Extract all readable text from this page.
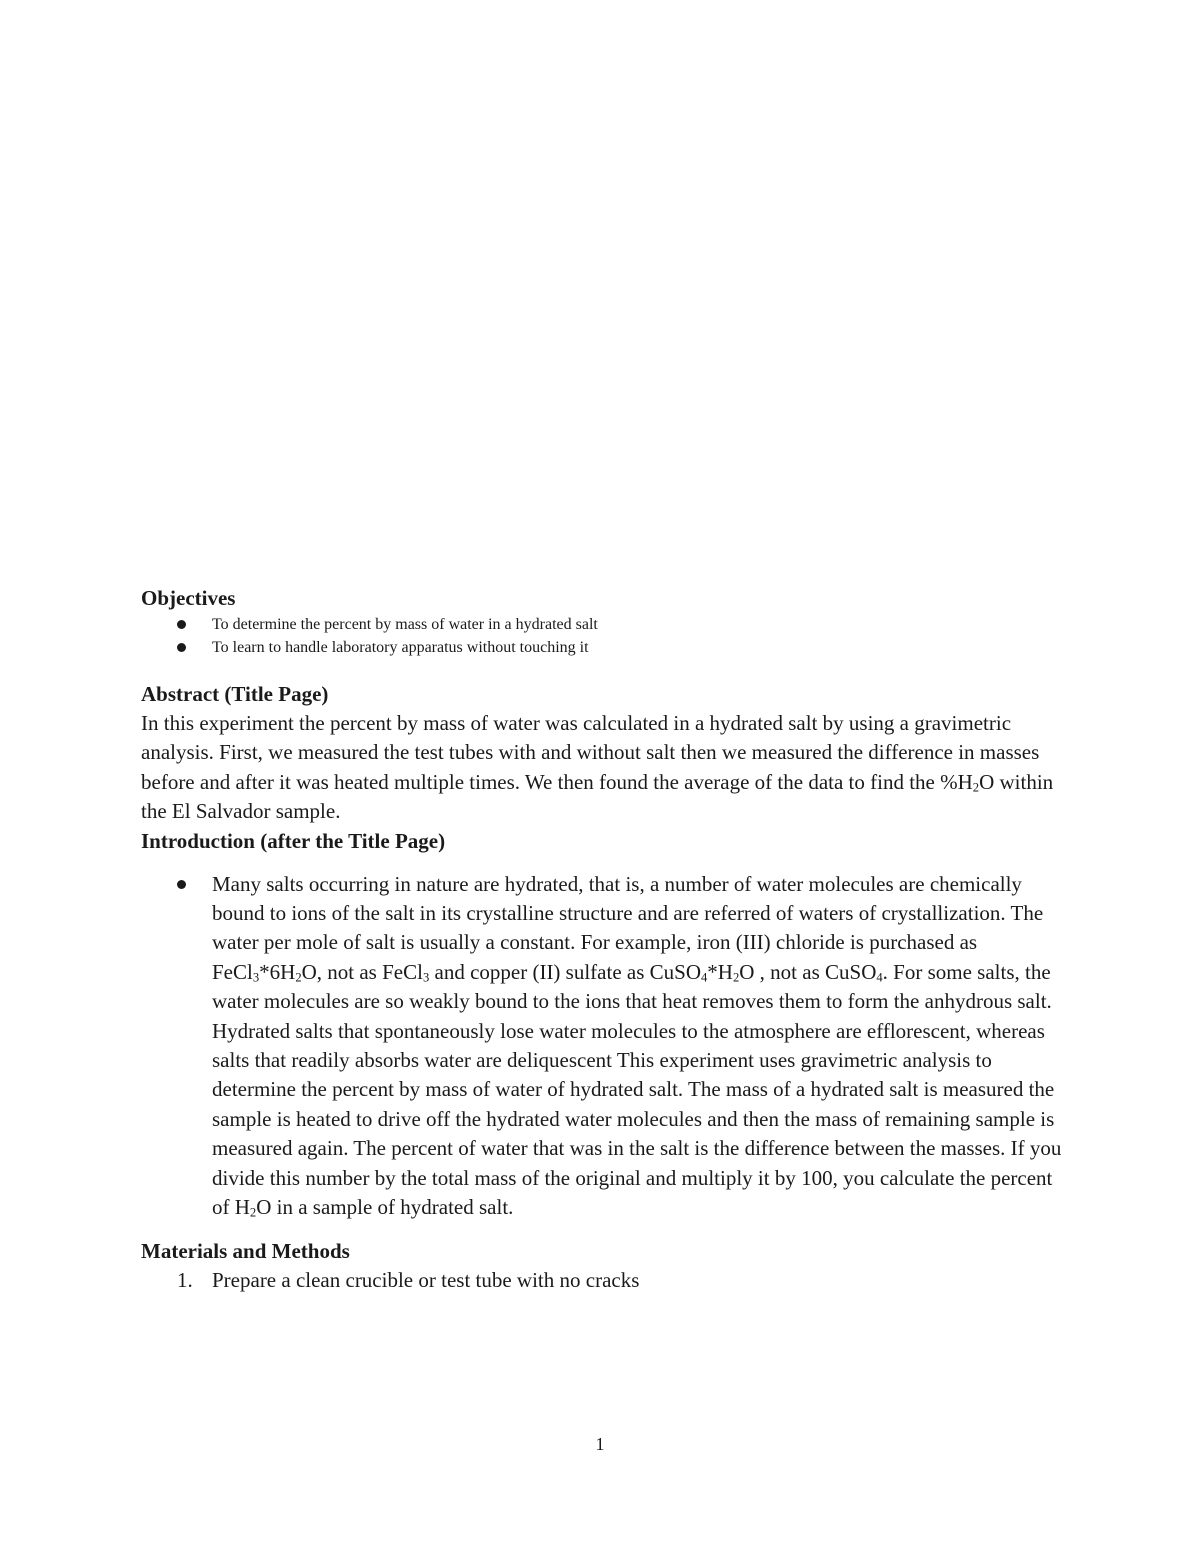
Objectives
To determine the percent by mass of water in a hydrated salt
To learn to handle laboratory apparatus without touching it
Abstract (Title Page)

In this experiment the percent by mass of water was calculated in a hydrated salt by using a gravimetric analysis. First, we measured the test tubes with and without salt then we measured the difference in masses before and after it was heated multiple times. We then found the average of the data to find the $\%H_2O$ within the El Salvador sample.

Introduction (after the Title Page)
Many salts occurring in nature are hydrated, that is, a number of water molecules are chemically bound to ions of the salt in its crystalline structure and are referred of waters of crystallization. The water per mole of salt is usually a constant. For example, iron (III) chloride is purchased as $FeCl_3*6H_2O$, not as FeCl$_3$ and copper (II) sulfate as $CuSO_4*H_2O$ , not as CuSO$_4$. For some salts, the water molecules are so weakly bound to the ions that heat removes them to form the anhydrous salt. Hydrated salts that spontaneously lose water molecules to the atmosphere are efflorescent, whereas salts that readily absorbs water are deliquescent This experiment uses gravimetric analysis to determine the percent by mass of water of hydrated salt. The mass of a hydrated salt is measured the sample is heated to drive off the hydrated water molecules and then the mass of remaining sample is measured again. The percent of water that was in the salt is the difference between the masses. If you divide this number by the total mass of the original and multiply it by 100, you calculate the percent of $H_2O$ in a sample of hydrated salt.
Materials and Methods
1. Prepare a clean crucible or test tube with no cracks
1
